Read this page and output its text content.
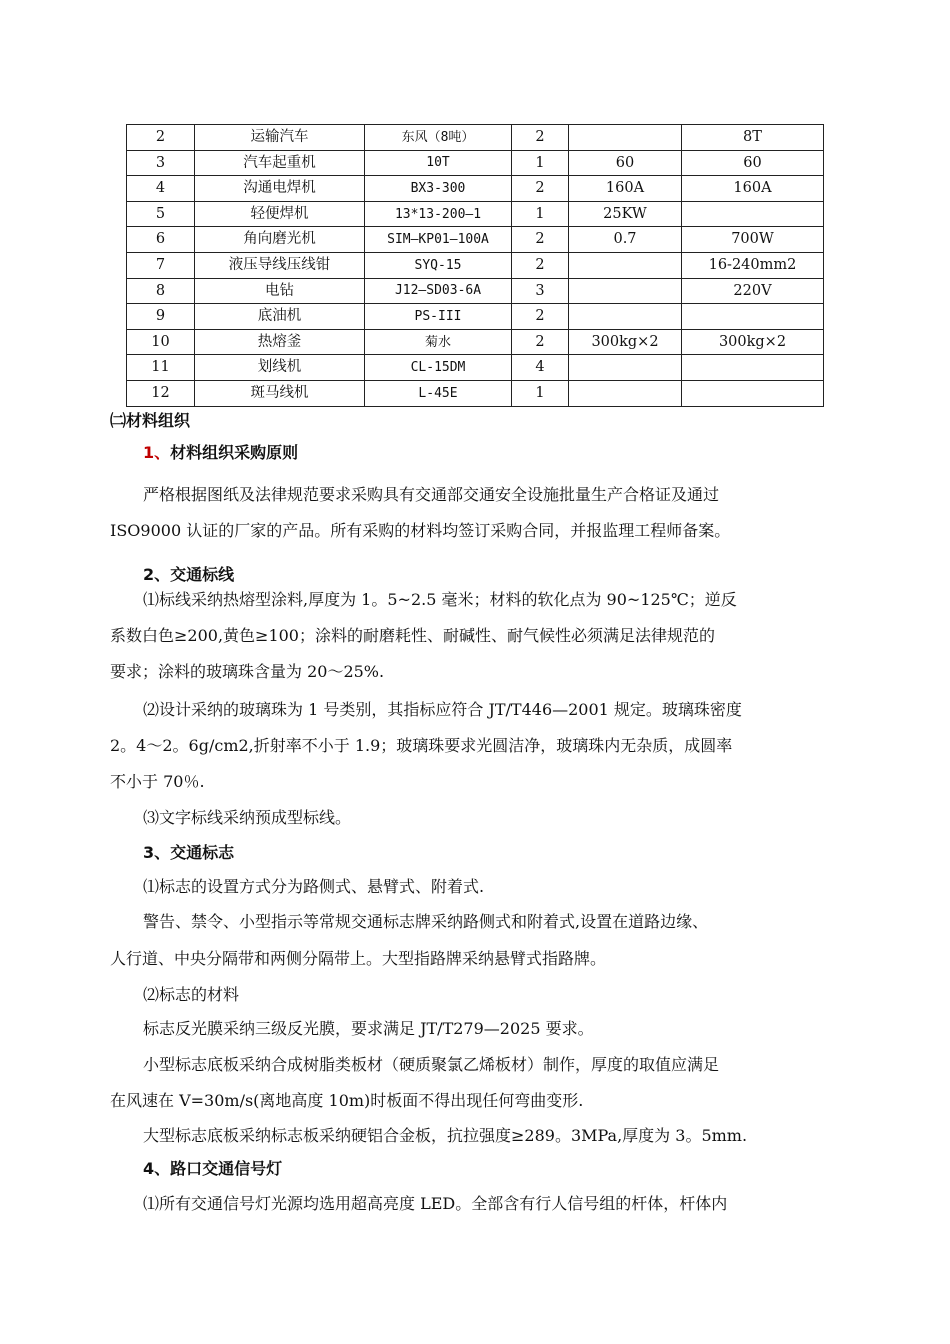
2	运输汽车	东风（8吨）	2		8T
3	汽车起重机	10T	1	60	60
4	沟通电焊机	BX3-300	2	160A	160A
5	轻便焊机	13*13-200—1	1	25KW	
6	角向磨光机	SIM—KP01—100A	2	0.7	700W
7	液压导线压线钳	SYQ-15	2		16-240mm2
8	电钻	J12—SD03-6A	3		220V
9	底油机	PS-III	2		
10	热熔釜	菊水	2	300kg×2	300kg×2
11	划线机	CL-15DM	4		
12	斑马线机	L-45E	1		
㈡材料组织
1、材料组织采购原则
严格根据图纸及法律规范要求采购具有交通部交通安全设施批量生产合格证及通过
ISO9000 认证的厂家的产品。所有采购的材料均签订采购合同，并报监理工程师备案。
2、交通标线
⑴标线采纳热熔型涂料,厚度为 1。5~2.5 毫米；材料的软化点为 90~125℃；逆反
系数白色≥200,黄色≥100；涂料的耐磨耗性、耐碱性、耐气候性必须满足法律规范的
要求；涂料的玻璃珠含量为 20～25%.
⑵设计采纳的玻璃珠为 1 号类别，其指标应符合 JT/T446—2001 规定。玻璃珠密度
2。4～2。6g/cm2,折射率不小于 1.9；玻璃珠要求光圆洁净，玻璃珠内无杂质，成圆率
不小于 70％.
⑶文字标线采纳预成型标线。
3、交通标志
⑴标志的设置方式分为路侧式、悬臂式、附着式.
警告、禁令、小型指示等常规交通标志牌采纳路侧式和附着式,设置在道路边缘、
人行道、中央分隔带和两侧分隔带上。大型指路牌采纳悬臂式指路牌。
⑵标志的材料
标志反光膜采纳三级反光膜，要求满足 JT/T279—2025 要求。
小型标志底板采纳合成树脂类板材（硬质聚氯乙烯板材）制作，厚度的取值应满足
在风速在 V=30m/s(离地高度 10m)时板面不得出现任何弯曲变形.
大型标志底板采纳标志板采纳硬铝合金板，抗拉强度≥289。3MPa,厚度为 3。5mm.
4、路口交通信号灯
⑴所有交通信号灯光源均选用超高亮度 LED。全部含有行人信号组的杆体，杆体内
